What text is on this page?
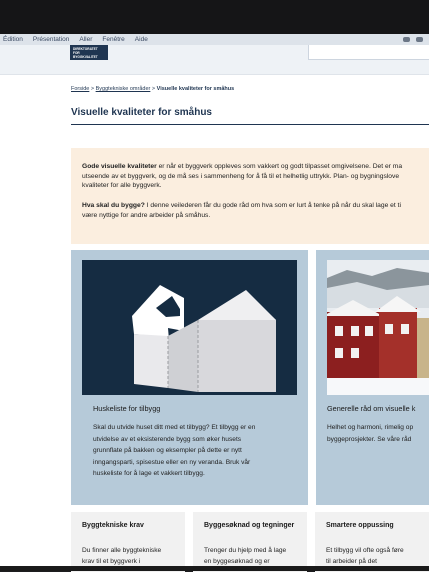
Édition Présentation Aller Fenêtre Aide
DIREKTORATET
FOR BYGGKVALITET
Forside > Byggtekniske områder > Visuelle kvaliteter for småhus
Visuelle kvaliteter for småhus

Gode visuelle kvaliteter er når et byggverk oppleves som vakkert og godt tilpasset omgivelsene. Det er ma

utseende av et byggverk, og de må ses i sammenheng for å få til et helhetlig uttrykk. Plan- og bygningslove

kvaliteter for alle byggverk.

Hva skal du bygge? I denne veilederen får du gode råd om hva som er lurt å tenke på når du skal lage et ti

være nyttige for andre arbeider på småhus.

Huskeliste for tilbygg
Skal du utvide huset ditt med et tilbygg? Et tilbygg er en
utvidelse av et eksisterende bygg som øker husets
grunnflate på bakken og eksempler på dette er nytt
inngangsparti, spisestue eller en ny veranda. Bruk vår
huskeliste for å lage et vakkert tilbygg.
Generelle råd om visuelle k
Helhet og harmoni, rimelig op
byggeprosjekter. Se våre råd
Byggtekniske krav
Du finner alle byggtekniske
krav til et byggverk i
Byggesøknad og tegninger
Trenger du hjelp med å lage
en byggesøknad og er
Smartere oppussing
Et tilbygg vil ofte også føre
til arbeider på det
